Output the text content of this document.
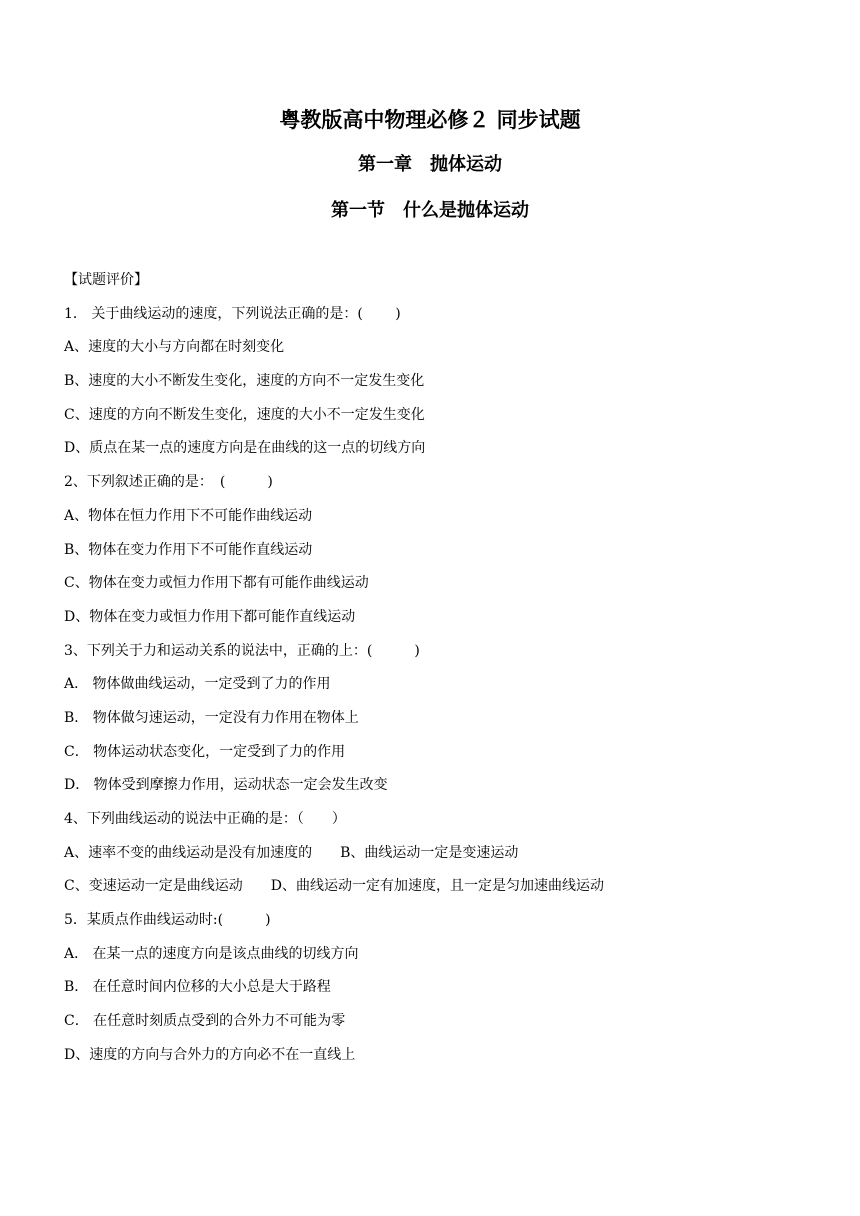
粤教版高中物理必修２ 同步试题
第一章　抛体运动
第一节　什么是抛体运动
【试题评价】
1． 关于曲线运动的速度，下列说法正确的是：(　　 )
A、速度的大小与方向都在时刻变化
B、速度的大小不断发生变化，速度的方向不一定发生变化
C、速度的方向不断发生变化，速度的大小不一定发生变化
D、质点在某一点的速度方向是在曲线的这一点的切线方向
2、下列叙述正确的是：　(　　　)
A、物体在恒力作用下不可能作曲线运动
B、物体在变力作用下不可能作直线运动
C、物体在变力或恒力作用下都有可能作曲线运动
D、物体在变力或恒力作用下都可能作直线运动
3、下列关于力和运动关系的说法中，正确的上：(　　　)
A． 物体做曲线运动，一定受到了力的作用
B． 物体做匀速运动，一定没有力作用在物体上
C． 物体运动状态变化，一定受到了力的作用
D． 物体受到摩擦力作用，运动状态一定会发生改变
4、下列曲线运动的说法中正确的是：（　　）
A、速率不变的曲线运动是没有加速度的 B、曲线运动一定是变速运动
C、变速运动一定是曲线运动 D、曲线运动一定有加速度，且一定是匀加速曲线运动
5．某质点作曲线运动时:(　　　)
A． 在某一点的速度方向是该点曲线的切线方向
B． 在任意时间内位移的大小总是大于路程
C． 在任意时刻质点受到的合外力不可能为零
D、速度的方向与合外力的方向必不在一直线上
